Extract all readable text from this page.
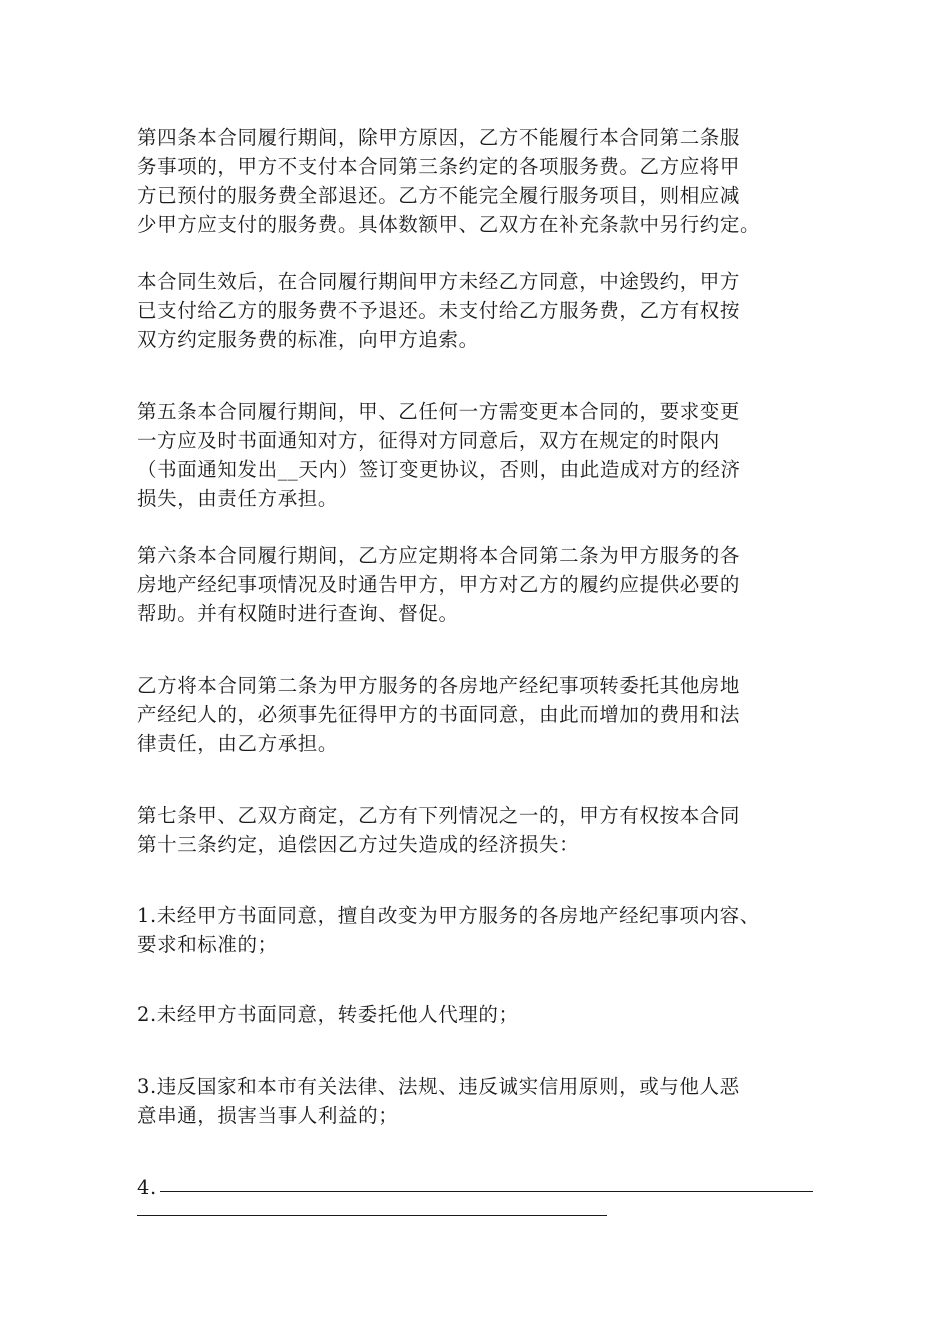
第四条本合同履行期间，除甲方原因，乙方不能履行本合同第二条服
务事项的，甲方不支付本合同第三条约定的各项服务费。乙方应将甲
方已预付的服务费全部退还。乙方不能完全履行服务项目，则相应减
少甲方应支付的服务费。具体数额甲、乙双方在补充条款中另行约定。

本合同生效后，在合同履行期间甲方未经乙方同意，中途毁约，甲方
已支付给乙方的服务费不予退还。未支付给乙方服务费，乙方有权按
双方约定服务费的标准，向甲方追索。

第五条本合同履行期间，甲、乙任何一方需变更本合同的，要求变更
一方应及时书面通知对方，征得对方同意后，双方在规定的时限内
（书面通知发出__天内）签订变更协议，否则，由此造成对方的经济
损失，由责任方承担。

第六条本合同履行期间，乙方应定期将本合同第二条为甲方服务的各
房地产经纪事项情况及时通告甲方，甲方对乙方的履约应提供必要的
帮助。并有权随时进行查询、督促。

乙方将本合同第二条为甲方服务的各房地产经纪事项转委托其他房地
产经纪人的，必须事先征得甲方的书面同意，由此而增加的费用和法
律责任，由乙方承担。

第七条甲、乙双方商定，乙方有下列情况之一的，甲方有权按本合同
第十三条约定，追偿因乙方过失造成的经济损失：

1.未经甲方书面同意，擅自改变为甲方服务的各房地产经纪事项内容、
要求和标准的；

2.未经甲方书面同意，转委托他人代理的；

3.违反国家和本市有关法律、法规、违反诚实信用原则，或与他人恶
意串通，损害当事人利益的；

4.
